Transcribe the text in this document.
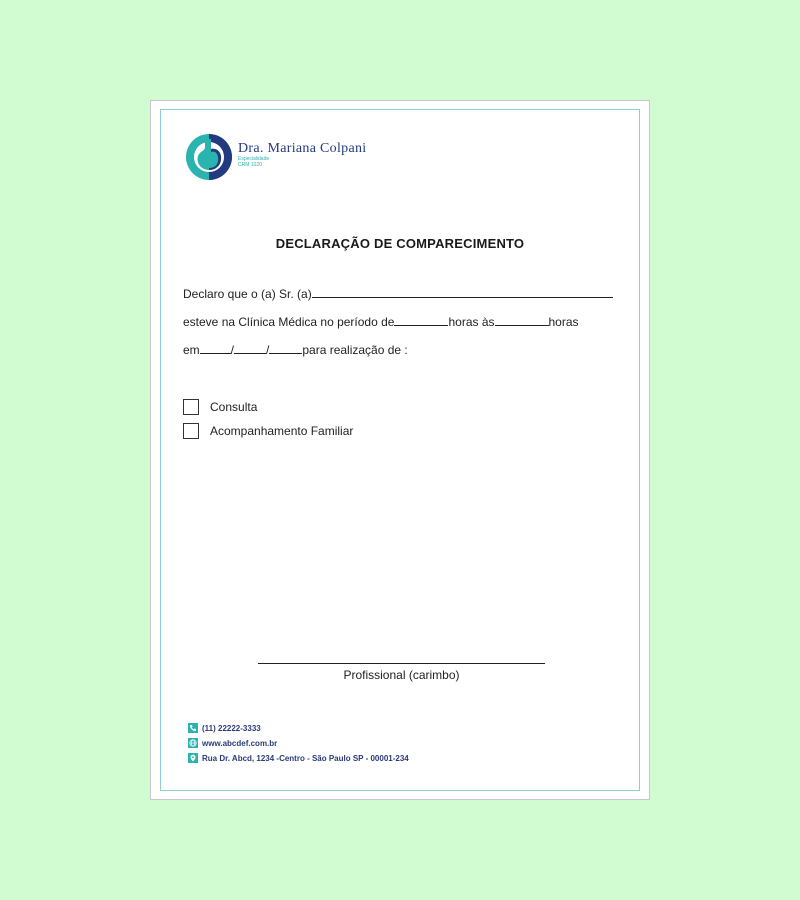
Dra. Mariana Colpani
Especialidade
CRM 1020
DECLARAÇÃO DE COMPARECIMENTO
Declaro que o (a) Sr. (a)
esteve na Clínica Médica no período de	horas às	horas
em	/	/	para realização de :
Consulta
Acompanhamento Familiar
Profissional (carimbo)
(11) 22222-3333
www.abcdef.com.br
Rua Dr. Abcd, 1234 -Centro - São Paulo SP - 00001-234
